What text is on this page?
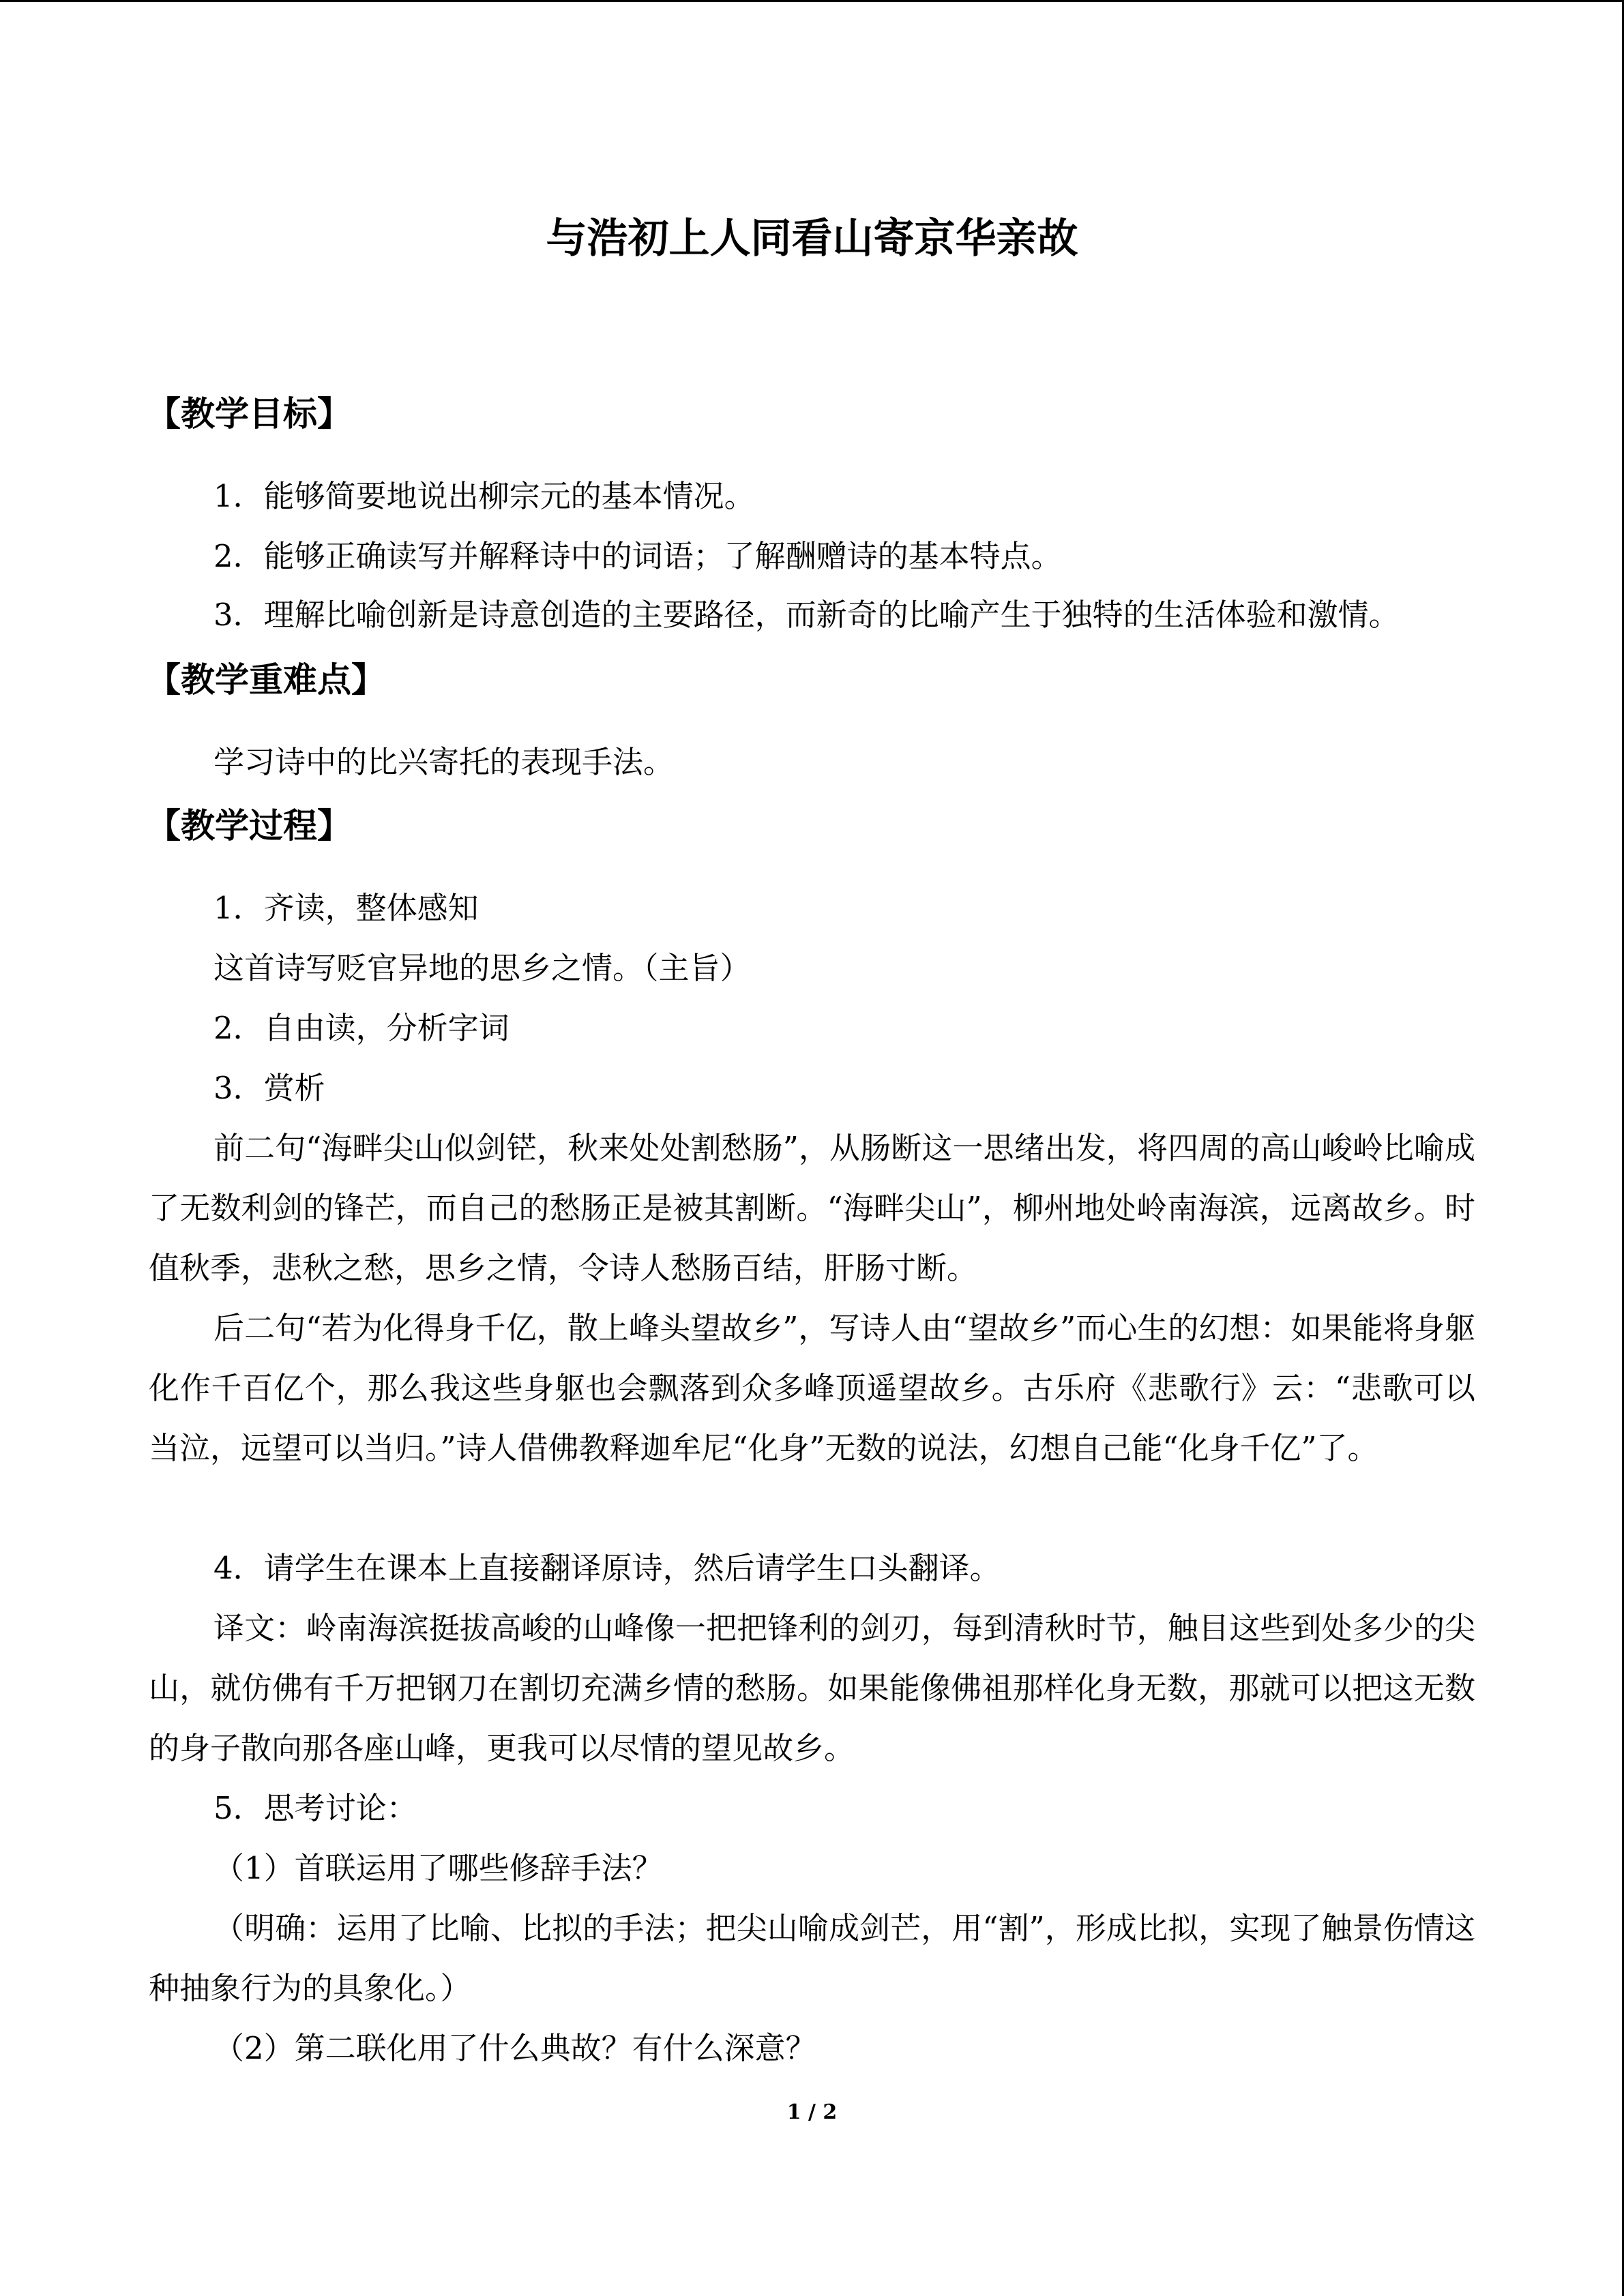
与浩初上人同看山寄京华亲故
【教学目标】

1．能够简要地说出柳宗元的基本情况。

2．能够正确读写并解释诗中的词语；了解酬赠诗的基本特点。

3．理解比喻创新是诗意创造的主要路径，而新奇的比喻产生于独特的生活体验和激情。

【教学重难点】

学习诗中的比兴寄托的表现手法。

【教学过程】

1．齐读，整体感知

这首诗写贬官异地的思乡之情。（主旨）

2．自由读，分析字词

3．赏析

前二句“海畔尖山似剑铓，秋来处处割愁肠”，从肠断这一思绪出发，将四周的高山峻岭比喻成了无数利剑的锋芒，而自己的愁肠正是被其割断。“海畔尖山”，柳州地处岭南海滨，远离故乡。时值秋季，悲秋之愁，思乡之情，令诗人愁肠百结，肝肠寸断。

后二句“若为化得身千亿，散上峰头望故乡”，写诗人由“望故乡”而心生的幻想：如果能将身躯化作千百亿个，那么我这些身躯也会飘落到众多峰顶遥望故乡。古乐府《悲歌行》云：“悲歌可以当泣，远望可以当归。”诗人借佛教释迦牟尼“化身”无数的说法，幻想自己能“化身千亿”了。

4．请学生在课本上直接翻译原诗，然后请学生口头翻译。

译文：岭南海滨挺拔高峻的山峰像一把把锋利的剑刃，每到清秋时节，触目这些到处多少的尖山，就仿佛有千万把钢刀在割切充满乡情的愁肠。如果能像佛祖那样化身无数，那就可以把这无数的身子散向那各座山峰，更我可以尽情的望见故乡。

5．思考讨论：

（1）首联运用了哪些修辞手法？

（明确：运用了比喻、比拟的手法；把尖山喻成剑芒，用“割”，形成比拟，实现了触景伤情这种抽象行为的具象化。）

（2）第二联化用了什么典故？有什么深意？

1 / 2
